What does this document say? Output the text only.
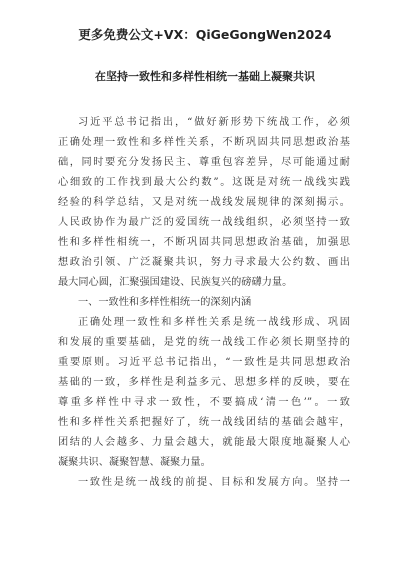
更多免费公文+VX：QiGeGongWen2024
在坚持一致性和多样性相统一基础上凝聚共识
习近平总书记指出，“做好新形势下统战工作，必须
正确处理一致性和多样性关系，不断巩固共同思想政治基
础，同时要充分发扬民主、尊重包容差异，尽可能通过耐
心细致的工作找到最大公约数”。这既是对统一战线实践
经验的科学总结，又是对统一战线发展规律的深刻揭示。
人民政协作为最广泛的爱国统一战线组织，必须坚持一致
性和多样性相统一，不断巩固共同思想政治基础，加强思
想政治引领、广泛凝聚共识，努力寻求最大公约数、画出
最大同心圆，汇聚强国建设、民族复兴的磅礴力量。
一、一致性和多样性相统一的深刻内涵
正确处理一致性和多样性关系是统一战线形成、巩固
和发展的重要基础，是党的统一战线工作必须长期坚持的
重要原则。习近平总书记指出，“一致性是共同思想政治
基础的一致，多样性是利益多元、思想多样的反映，要在
尊重多样性中寻求一致性，不要搞成‘清一色’”。一致
性和多样性关系把握好了，统一战线团结的基础会越牢，
团结的人会越多、力量会越大，就能最大限度地凝聚人心
凝聚共识、凝聚智慧、凝聚力量。
一致性是统一战线的前提、目标和发展方向。坚持一
